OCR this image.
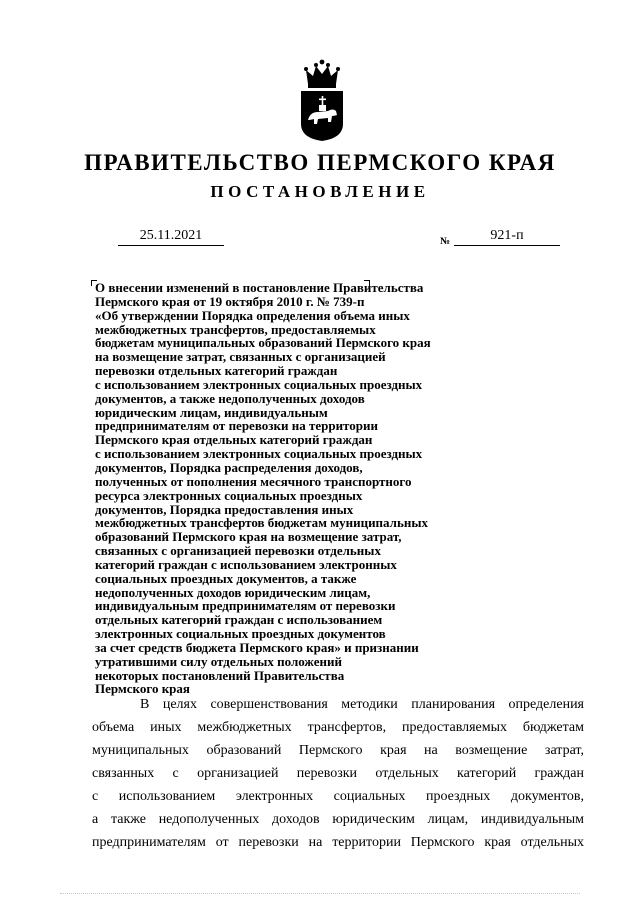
ПРАВИТЕЛЬСТВО ПЕРМСКОГО КРАЯ
ПОСТАНОВЛЕНИЕ
25.11.2021	№	921-п
О внесении изменений в постановление Правительства
Пермского края от 19 октября 2010 г. № 739-п
«Об утверждении Порядка определения объема иных
межбюджетных трансфертов, предоставляемых
бюджетам муниципальных образований Пермского края
на возмещение затрат, связанных с организацией
перевозки отдельных категорий граждан
с использованием электронных социальных проездных
документов, а также недополученных доходов
юридическим лицам, индивидуальным
предпринимателям от перевозки на территории
Пермского края отдельных категорий граждан
с использованием электронных социальных проездных
документов, Порядка распределения доходов,
полученных от пополнения месячного транспортного
ресурса электронных социальных проездных
документов, Порядка предоставления иных
межбюджетных трансфертов бюджетам муниципальных
образований Пермского края на возмещение затрат,
связанных с организацией перевозки отдельных
категорий граждан с использованием электронных
социальных проездных документов, а также
недополученных доходов юридическим лицам,
индивидуальным предпринимателям от перевозки
отдельных категорий граждан с использованием
электронных социальных проездных документов
за счет средств бюджета Пермского края» и признании
утратившими силу отдельных положений
некоторых постановлений Правительства
Пермского края
В целях совершенствования методики планирования определения
объема иных межбюджетных трансфертов, предоставляемых бюджетам
муниципальных образований Пермского края на возмещение затрат,
связанных с организацией перевозки отдельных категорий граждан
с использованием электронных социальных проездных документов,
а также недополученных доходов юридическим лицам, индивидуальным
предпринимателям от перевозки на территории Пермского края отдельных
